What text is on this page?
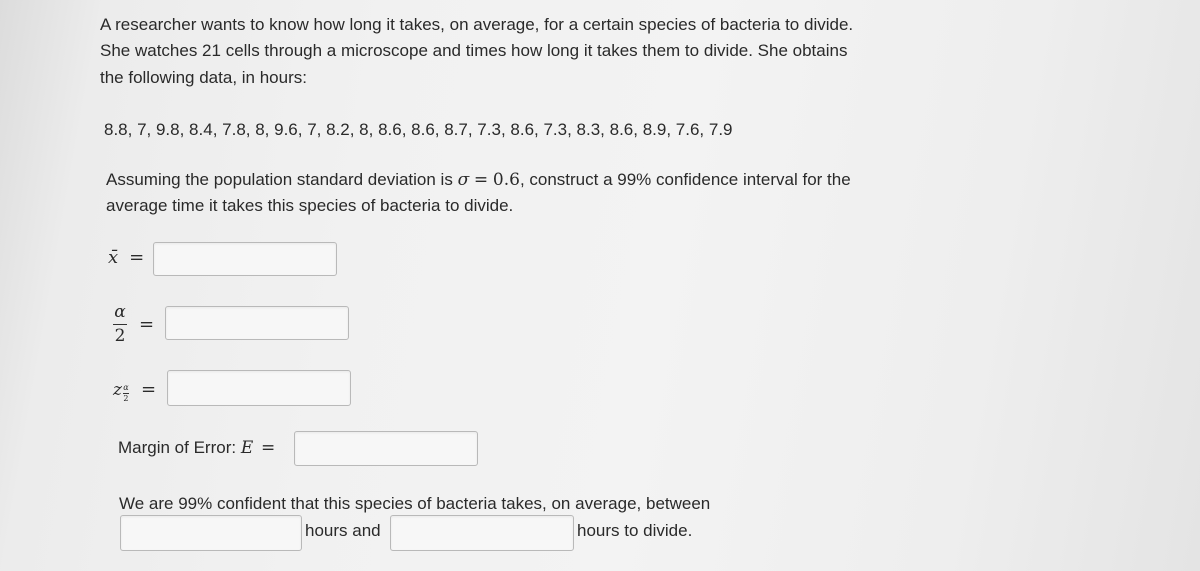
A researcher wants to know how long it takes, on average, for a certain species of bacteria to divide.
She watches 21 cells through a microscope and times how long it takes them to divide. She obtains
the following data, in hours:
8.8, 7, 9.8, 8.4, 7.8, 8, 9.6, 7, 8.2, 8, 8.6, 8.6, 8.7, 7.3, 8.6, 7.3, 8.3, 8.6, 8.9, 7.6, 7.9
Assuming the population standard deviation is σ = 0.6, construct a 99% confidence interval for the
average time it takes this species of bacteria to divide.
x̄ =
$\frac{\alpha}{2}$ =
z $\frac{\alpha}{2}$ =
Margin of Error: E =
We are 99% confident that this species of bacteria takes, on average, between
hours and	hours to divide.
